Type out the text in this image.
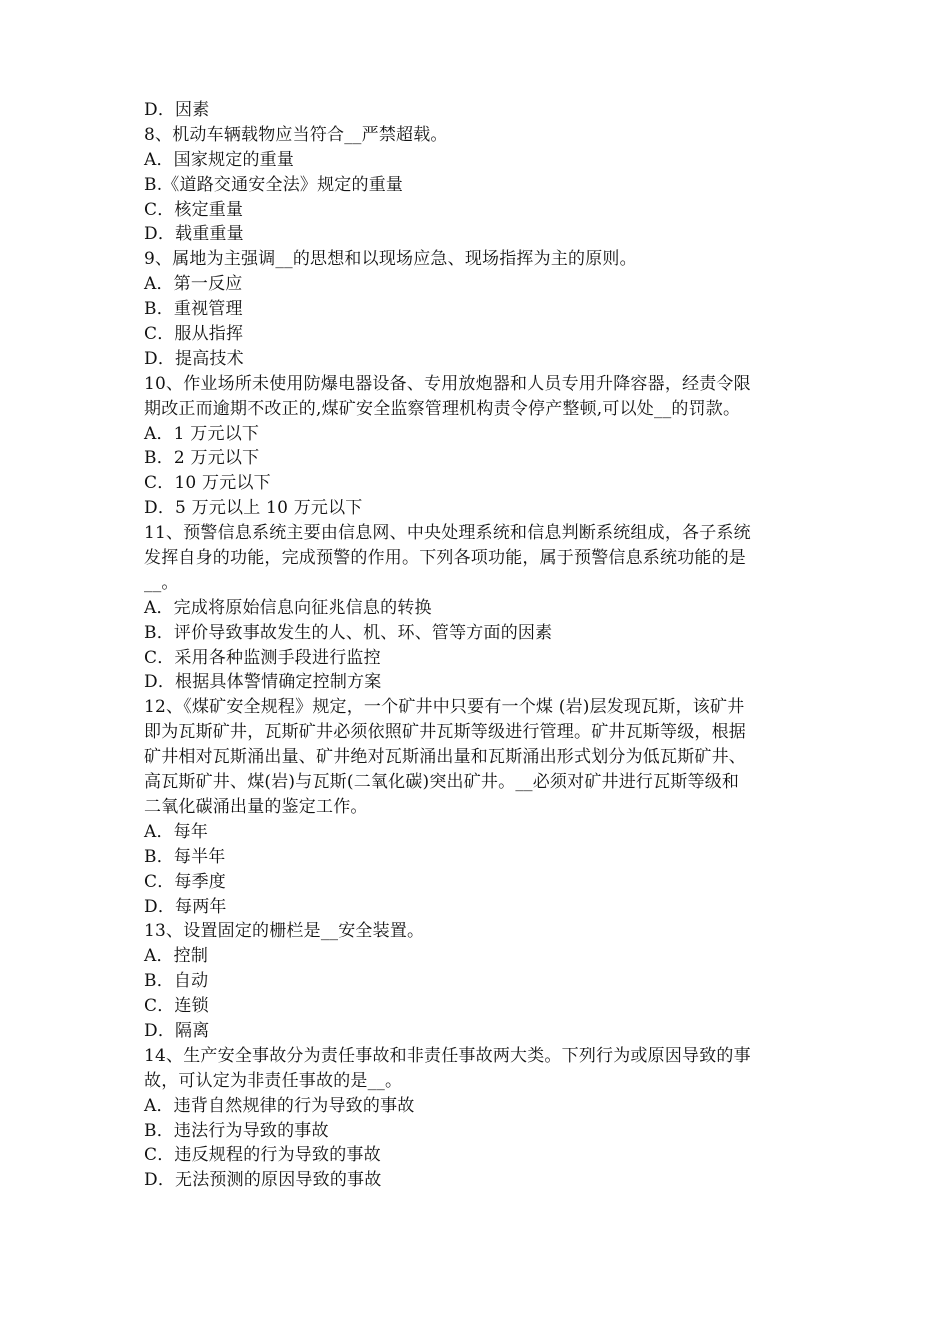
D．因素
8、机动车辆载物应当符合__严禁超载。
A．国家规定的重量
B.《道路交通安全法》规定的重量
C．核定重量
D．载重重量
9、属地为主强调__的思想和以现场应急、现场指挥为主的原则。
A．第一反应
B．重视管理
C．服从指挥
D．提高技术
10、作业场所未使用防爆电器设备、专用放炮器和人员专用升降容器，经责令限
期改正而逾期不改正的,煤矿安全监察管理机构责令停产整顿,可以处__的罚款。
A．1 万元以下
B．2 万元以下
C．10 万元以下
D．5 万元以上 10 万元以下
11、预警信息系统主要由信息网、中央处理系统和信息判断系统组成，各子系统
发挥自身的功能，完成预警的作用。下列各项功能，属于预警信息系统功能的是
__。
A．完成将原始信息向征兆信息的转换
B．评价导致事故发生的人、机、环、管等方面的因素
C．采用各种监测手段进行监控
D．根据具体警情确定控制方案
12、《煤矿安全规程》规定，一个矿井中只要有一个煤 (岩)层发现瓦斯，该矿井
即为瓦斯矿井，瓦斯矿井必须依照矿井瓦斯等级进行管理。矿井瓦斯等级，根据
矿井相对瓦斯涌出量、矿井绝对瓦斯涌出量和瓦斯涌出形式划分为低瓦斯矿井、
高瓦斯矿井、煤(岩)与瓦斯(二氧化碳)突出矿井。__必须对矿井进行瓦斯等级和
二氧化碳涌出量的鉴定工作。
A．每年
B．每半年
C．每季度
D．每两年
13、设置固定的栅栏是__安全装置。
A．控制
B．自动
C．连锁
D．隔离
14、生产安全事故分为责任事故和非责任事故两大类。下列行为或原因导致的事
故，可认定为非责任事故的是__。
A．违背自然规律的行为导致的事故
B．违法行为导致的事故
C．违反规程的行为导致的事故
D．无法预测的原因导致的事故
